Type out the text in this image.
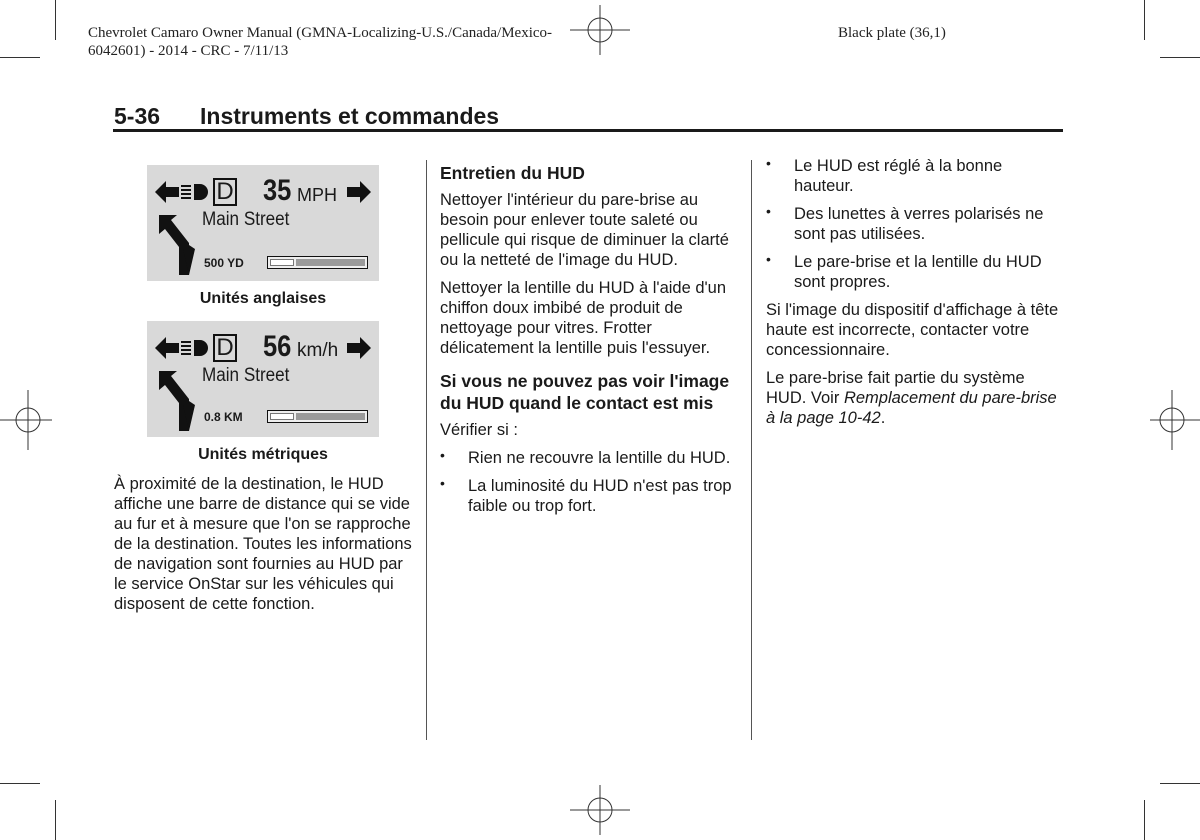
Chevrolet Camaro Owner Manual (GMNA-Localizing-U.S./Canada/Mexico-
6042601) - 2014 - CRC - 7/11/13
Black plate (36,1)
5-36 Instruments et commandes
D 35 MPH
Main Street
500 YD
Unités anglaises
D 56 km/h
Main Street
0.8 KM
Unités métriques

À proximité de la destination, le HUD affiche une barre de distance qui se vide au fur et à mesure que l'on se rapproche de la destination. Toutes les informations de navigation sont fournies au HUD par le service OnStar sur les véhicules qui disposent de cette fonction.

Entretien du HUD

Nettoyer l'intérieur du pare-brise au besoin pour enlever toute saleté ou pellicule qui risque de diminuer la clarté ou la netteté de l'image du HUD.

Nettoyer la lentille du HUD à l'aide d'un chiffon doux imbibé de produit de nettoyage pour vitres. Frotter délicatement la lentille puis l'essuyer.

Si vous ne pouvez pas voir l'image du HUD quand le contact est mis

Vérifier si :

• Rien ne recouvre la lentille du HUD.
• La luminosité du HUD n'est pas trop faible ou trop fort.
• Le HUD est réglé à la bonne hauteur.
• Des lunettes à verres polarisés ne sont pas utilisées.
• Le pare-brise et la lentille du HUD sont propres.

Si l'image du dispositif d'affichage à tête haute est incorrecte, contacter votre concessionnaire.

Le pare-brise fait partie du système HUD. Voir Remplacement du pare-brise à la page 10-42.
